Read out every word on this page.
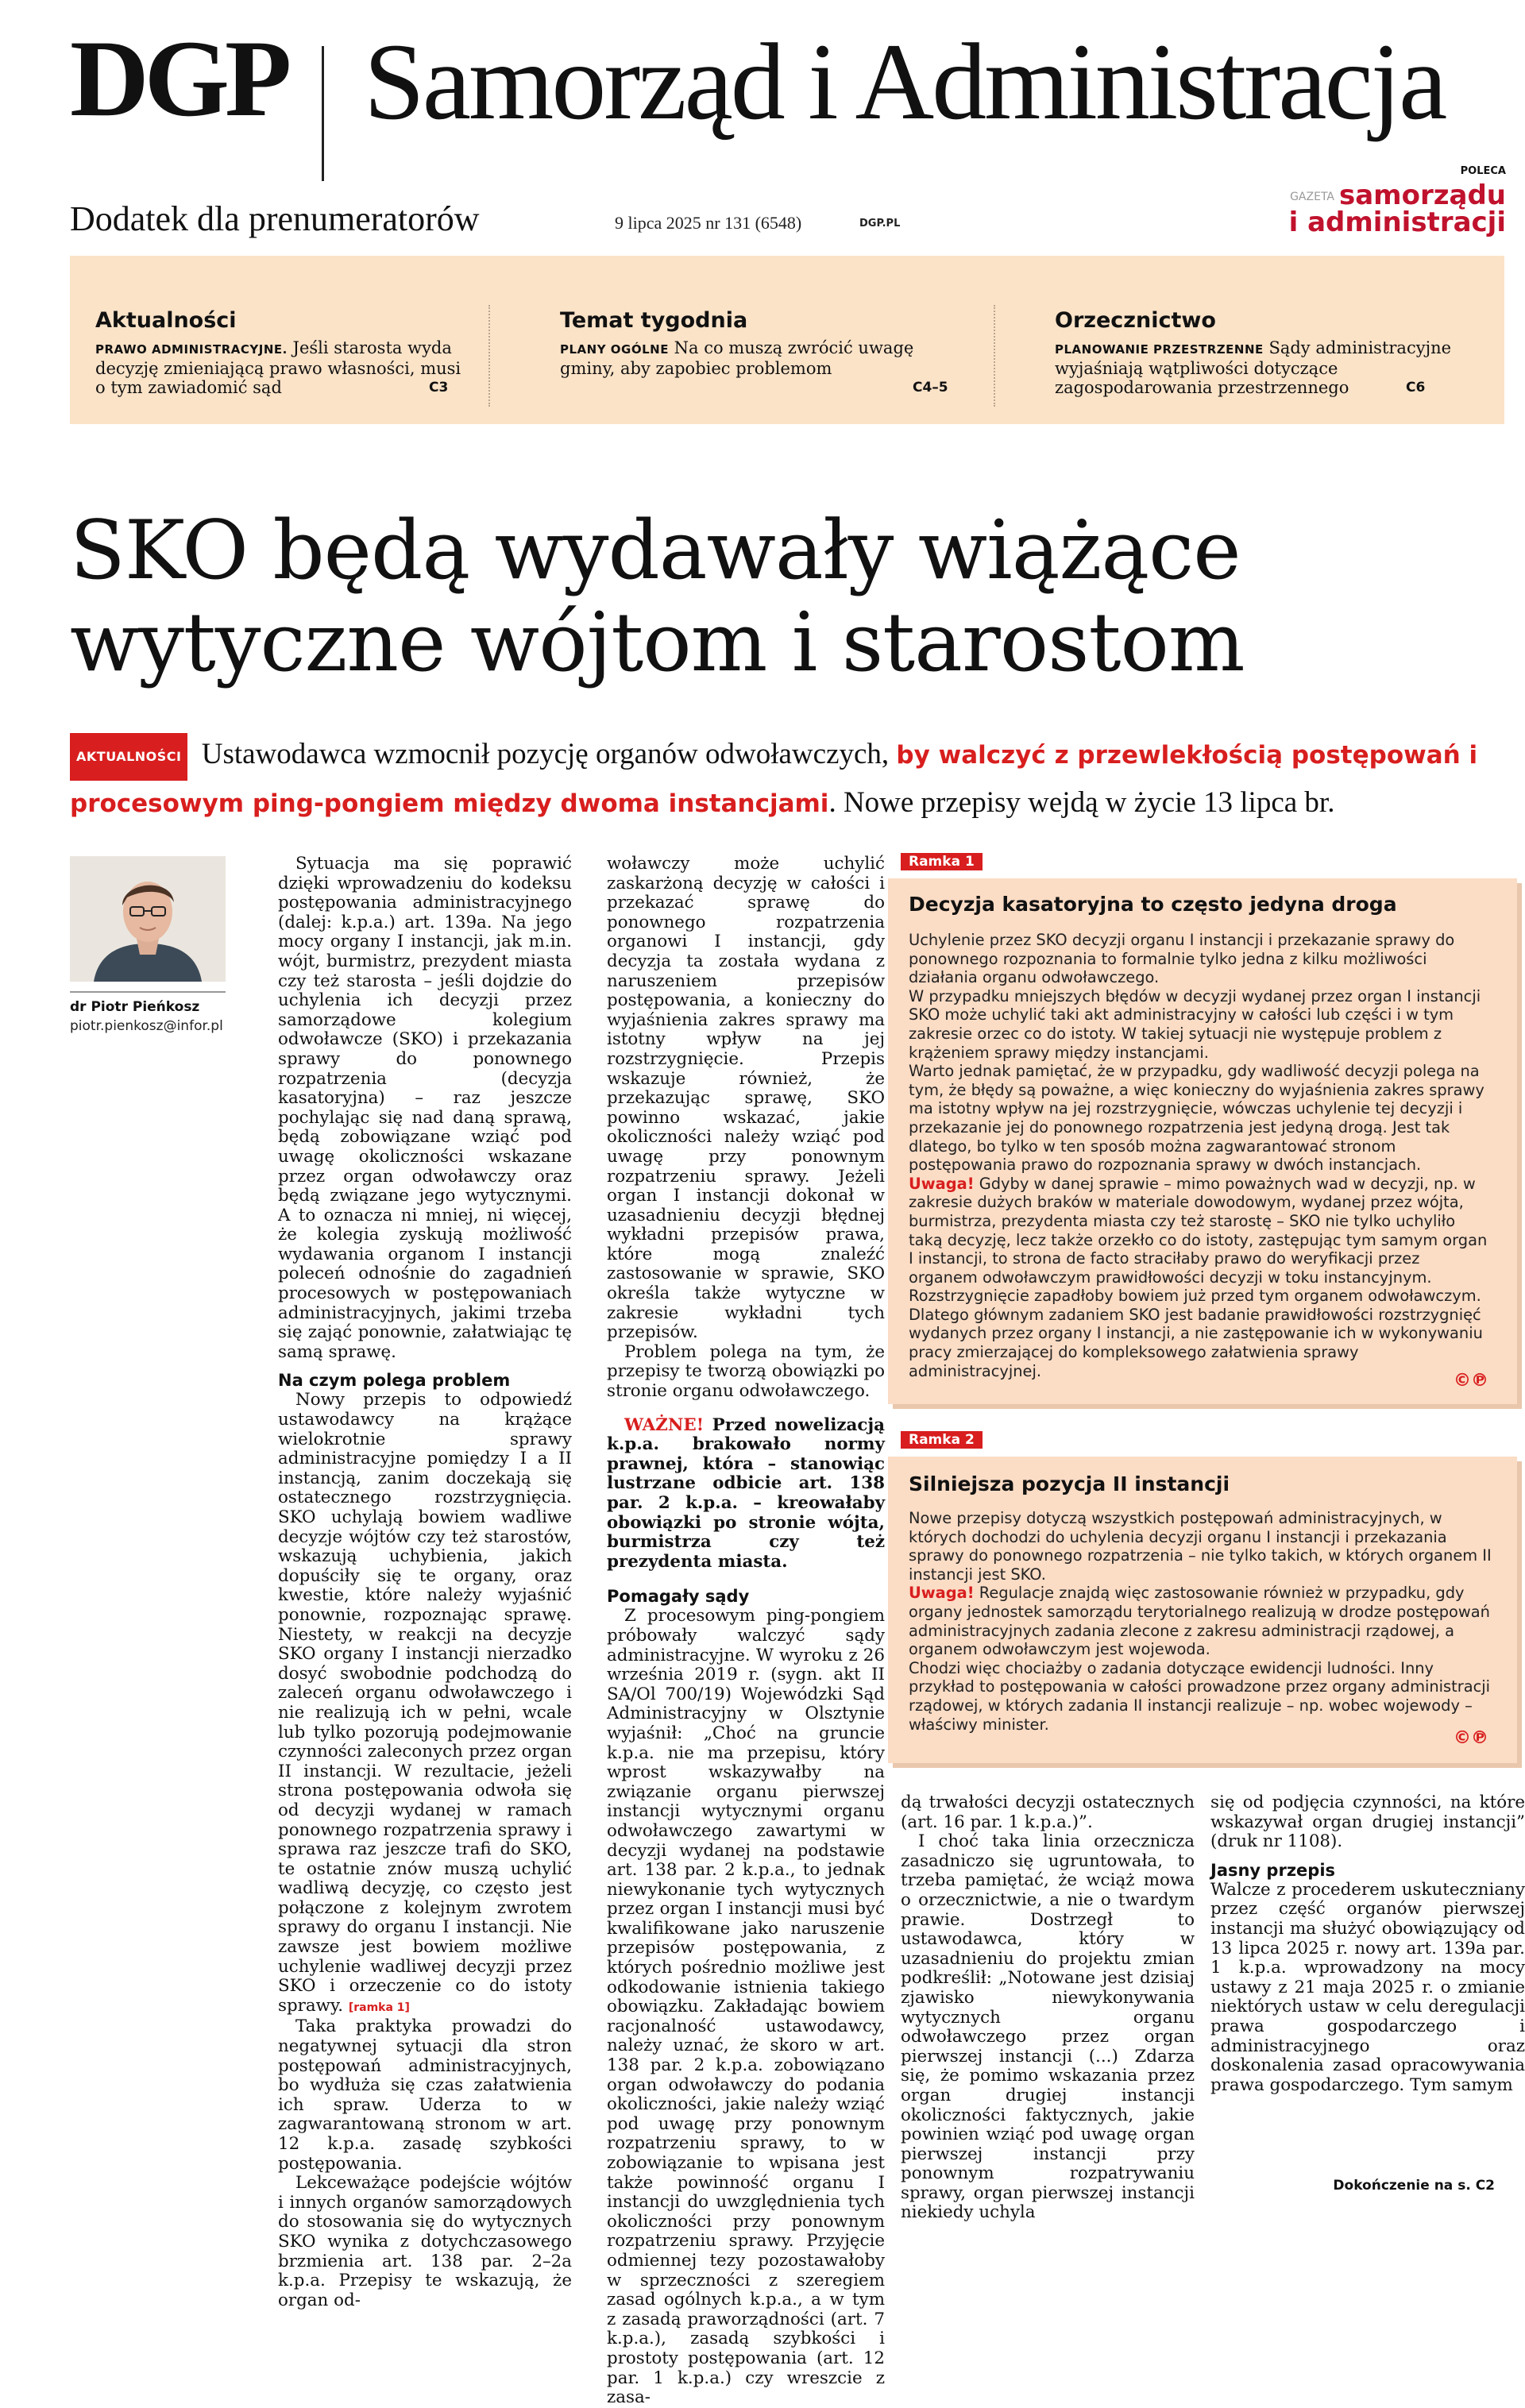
DGP Samorząd i Administracja
Dodatek dla prenumeratorów	9 lipca 2025 nr 131 (6548)	DGP.PL
POLECA
GAZETA samorządu
i administracji
Aktualności
PRAWO ADMINISTRACYJNE. Jeśli starosta wyda decyzję zmieniającą prawo własności, musi o tym zawiadomić sąd	C3
Temat tygodnia
PLANY OGÓLNE Na co muszą zwrócić uwagę gminy, aby zapobiec problemom
C4–5
Orzecznictwo
PLANOWANIE PRZESTRZENNE Sądy administracyjne wyjaśniają wątpliwości dotyczące zagospodarowania przestrzennego	C6
SKO będą wydawały wiążące
wytyczne wójtom i starostom
AKTUALNOŚCI Ustawodawca wzmocnił pozycję organów odwoławczych, by walczyć z przewlekłością postępowań i procesowym ping-pongiem między dwoma instancjami. Nowe przepisy wejdą w życie 13 lipca br.
dr Piotr Pieńkosz
piotr.pienkosz@infor.pl

Sytuacja ma się poprawić dzięki wprowadzeniu do kodeksu postępowania administracyjnego (dalej: k.p.a.) art. 139a. Na jego mocy organy I instancji, jak m.in. wójt, burmistrz, prezydent miasta czy też starosta – jeśli dojdzie do uchylenia ich decyzji przez samorządowe kolegium odwoławcze (SKO) i przekazania sprawy do ponownego rozpatrzenia (decyzja kasatoryjna) – raz jeszcze pochylając się nad daną sprawą, będą zobowiązane wziąć pod uwagę okoliczności wskazane przez organ odwoławczy oraz będą związane jego wytycznymi. A to oznacza ni mniej, ni więcej, że kolegia zyskują możliwość wydawania organom I instancji poleceń odnośnie do zagadnień procesowych w postępowaniach administracyjnych, jakimi trzeba się zająć ponownie, załatwiając tę samą sprawę.

Na czym polega problem

Nowy przepis to odpowiedź ustawodawcy na krążące wielokrotnie sprawy administracyjne pomiędzy I a II instancją, zanim doczekają się ostatecznego rozstrzygnięcia. SKO uchylają bowiem wadliwe decyzje wójtów czy też starostów, wskazują uchybienia, jakich dopuściły się te organy, oraz kwestie, które należy wyjaśnić ponownie, rozpoznając sprawę. Niestety, w reakcji na decyzje SKO organy I instancji nierzadko dosyć swobodnie podchodzą do zaleceń organu odwoławczego i nie realizują ich w pełni, wcale lub tylko pozorują podejmowanie czynności zaleconych przez organ II instancji. W rezultacie, jeżeli strona postępowania odwoła się od decyzji wydanej w ramach ponownego rozpatrzenia sprawy i sprawa raz jeszcze trafi do SKO, te ostatnie znów muszą uchylić wadliwą decyzję, co często jest połączone z kolejnym zwrotem sprawy do organu I instancji. Nie zawsze jest bowiem możliwe uchylenie wadliwej decyzji przez SKO i orzeczenie co do istoty sprawy. [ramka 1]

Taka praktyka prowadzi do negatywnej sytuacji dla stron postępowań administracyjnych, bo wydłuża się czas załatwienia ich spraw. Uderza to w zagwarantowaną stronom w art. 12 k.p.a. zasadę szybkości postępowania.

Lekceważące podejście wójtów i innych organów samorządowych do stosowania się do wytycznych SKO wynika z dotychczasowego brzmienia art. 138 par. 2–2a k.p.a. Przepisy te wskazują, że organ od-

woławczy może uchylić zaskarżoną decyzję w całości i przekazać sprawę do ponownego rozpatrzenia organowi I instancji, gdy decyzja ta została wydana z naruszeniem przepisów postępowania, a konieczny do wyjaśnienia zakres sprawy ma istotny wpływ na jej rozstrzygnięcie. Przepis wskazuje również, że przekazując sprawę, SKO powinno wskazać, jakie okoliczności należy wziąć pod uwagę przy ponownym rozpatrzeniu sprawy. Jeżeli organ I instancji dokonał w uzasadnieniu decyzji błędnej wykładni przepisów prawa, które mogą znaleźć zastosowanie w sprawie, SKO określa także wytyczne w zakresie wykładni tych przepisów.

Problem polega na tym, że przepisy te tworzą obowiązki po stronie organu odwoławczego.

WAŻNE! Przed nowelizacją k.p.a. brakowało normy prawnej, która – stanowiąc lustrzane odbicie art. 138 par. 2 k.p.a. – kreowałaby obowiązki po stronie wójta, burmistrza czy też prezydenta miasta.

Pomagały sądy

Z procesowym ping-pongiem próbowały walczyć sądy administracyjne. W wyroku z 26 września 2019 r. (sygn. akt II SA/Ol 700/19) Wojewódzki Sąd Administracyjny w Olsztynie wyjaśnił: „Choć na gruncie k.p.a. nie ma przepisu, który wprost wskazywałby na związanie organu pierwszej instancji wytycznymi organu odwoławczego zawartymi w decyzji wydanej na podstawie art. 138 par. 2 k.p.a., to jednak niewykonanie tych wytycznych przez organ I instancji musi być kwalifikowane jako naruszenie przepisów postępowania, z których pośrednio możliwe jest odkodowanie istnienia takiego obowiązku. Zakładając bowiem racjonalność ustawodawcy, należy uznać, że skoro w art. 138 par. 2 k.p.a. zobowiązano organ odwoławczy do podania okoliczności, jakie należy wziąć pod uwagę przy ponownym rozpatrzeniu sprawy, to w zobowiązanie to wpisana jest także powinność organu I instancji do uwzględnienia tych okoliczności przy ponownym rozpatrzeniu sprawy. Przyjęcie odmiennej tezy pozostawałoby w sprzeczności z szeregiem zasad ogólnych k.p.a., a w tym z zasadą praworządności (art. 7 k.p.a.), zasadą szybkości i prostoty postępowania (art. 12 par. 1 k.p.a.) czy wreszcie z zasa-

Ramka 1
Decyzja kasatoryjna to często jedyna droga

Uchylenie przez SKO decyzji organu I instancji i przekazanie sprawy do ponownego rozpoznania to formalnie tylko jedna z kilku możliwości działania organu odwoławczego.

W przypadku mniejszych błędów w decyzji wydanej przez organ I instancji SKO może uchylić taki akt administracyjny w całości lub części i w tym zakresie orzec co do istoty. W takiej sytuacji nie występuje problem z krążeniem sprawy między instancjami.

Warto jednak pamiętać, że w przypadku, gdy wadliwość decyzji polega na tym, że błędy są poważne, a więc konieczny do wyjaśnienia zakres sprawy ma istotny wpływ na jej rozstrzygnięcie, wówczas uchylenie tej decyzji i przekazanie jej do ponownego rozpatrzenia jest jedyną drogą. Jest tak dlatego, bo tylko w ten sposób można zagwarantować stronom postępowania prawo do rozpoznania sprawy w dwóch instancjach.

Uwaga! Gdyby w danej sprawie – mimo poważnych wad w decyzji, np. w zakresie dużych braków w materiale dowodowym, wydanej przez wójta, burmistrza, prezydenta miasta czy też starostę – SKO nie tylko uchyliło taką decyzję, lecz także orzekło co do istoty, zastępując tym samym organ I instancji, to strona de facto straciłaby prawo do weryfikacji przez organem odwoławczym prawidłowości decyzji w toku instancyjnym. Rozstrzygnięcie zapadłoby bowiem już przed tym organem odwoławczym. Dlatego głównym zadaniem SKO jest badanie prawidłowości rozstrzygnięć wydanych przez organy I instancji, a nie zastępowanie ich w wykonywaniu pracy zmierzającej do kompleksowego załatwienia sprawy administracyjnej.	©℗
Ramka 2
Silniejsza pozycja II instancji

Nowe przepisy dotyczą wszystkich postępowań administracyjnych, w których dochodzi do uchylenia decyzji organu I instancji i przekazania sprawy do ponownego rozpatrzenia – nie tylko takich, w których organem II instancji jest SKO.

Uwaga! Regulacje znajdą więc zastosowanie również w przypadku, gdy organy jednostek samorządu terytorialnego realizują w drodze postępowań administracyjnych zadania zlecone z zakresu administracji rządowej, a organem odwoławczym jest wojewoda.

Chodzi więc chociażby o zadania dotyczące ewidencji ludności. Inny przykład to postępowania w całości prowadzone przez organy administracji rządowej, w których zadania II instancji realizuje – np. wobec wojewody – właściwy minister.

©℗

dą trwałości decyzji ostatecznych (art. 16 par. 1 k.p.a.)”.

I choć taka linia orzecznicza zasadniczo się ugruntowała, to trzeba pamiętać, że wciąż mowa o orzecznictwie, a nie o twardym prawie. Dostrzegł to ustawodawca, który w uzasadnieniu do projektu zmian podkreślił: „Notowane jest dzisiaj zjawisko niewykonywania wytycznych organu odwoławczego przez organ pierwszej instancji (...) Zdarza się, że pomimo wskazania przez organ drugiej instancji okoliczności faktycznych, jakie powinien wziąć pod uwagę organ pierwszej instancji przy ponownym rozpatrywaniu sprawy, organ pierwszej instancji niekiedy uchyla

się od podjęcia czynności, na które wskazywał organ drugiej instancji” (druk nr 1108).

Jasny przepis

Walcze z procederem uskuteczniany przez część organów pierwszej instancji ma służyć obowiązujący od 13 lipca 2025 r. nowy art. 139a par. 1 k.p.a. wprowadzony na mocy ustawy z 21 maja 2025 r. o zmianie niektórych ustaw w celu deregulacji prawa gospodarczego i administracyjnego oraz doskonalenia zasad opracowywania prawa gospodarczego. Tym samym

Dokończenie na s. C2
